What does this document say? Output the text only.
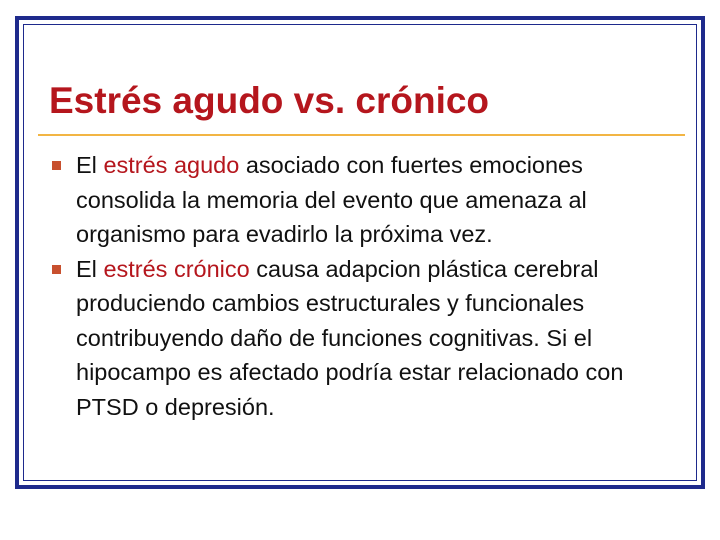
Estrés agudo vs. crónico
El estrés agudo asociado con fuertes emociones consolida la memoria del evento que amenaza al organismo para evadirlo la próxima vez.
El estrés crónico causa adapcion plástica cerebral produciendo cambios estructurales y funcionales contribuyendo daño de funciones cognitivas. Si el hipocampo es afectado podría estar relacionado con PTSD o depresión.
